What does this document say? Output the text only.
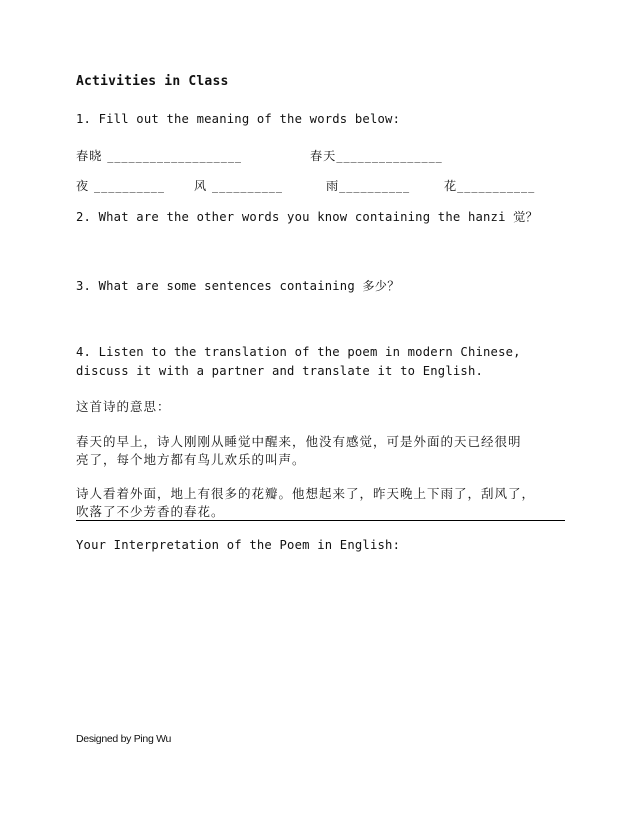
Activities in Class
1. Fill out the meaning of the words below:
春晓 ___________________	春天_______________
夜 __________ 风 __________	雨__________	花___________
2. What are the other words you know containing the hanzi 觉？
3. What are some sentences containing 多少？
4. Listen to the translation of the poem in modern Chinese,
discuss it with a partner and translate it to English.
这首诗的意思：
春天的早上，诗人刚刚从睡觉中醒来，他没有感觉，可是外面的天已经很明
亮了，每个地方都有鸟儿欢乐的叫声。
诗人看着外面，地上有很多的花瓣。他想起来了，昨天晚上下雨了，刮风了，
吹落了不少芳香的春花。
Your Interpretation of the Poem in English:
Designed by Ping Wu
